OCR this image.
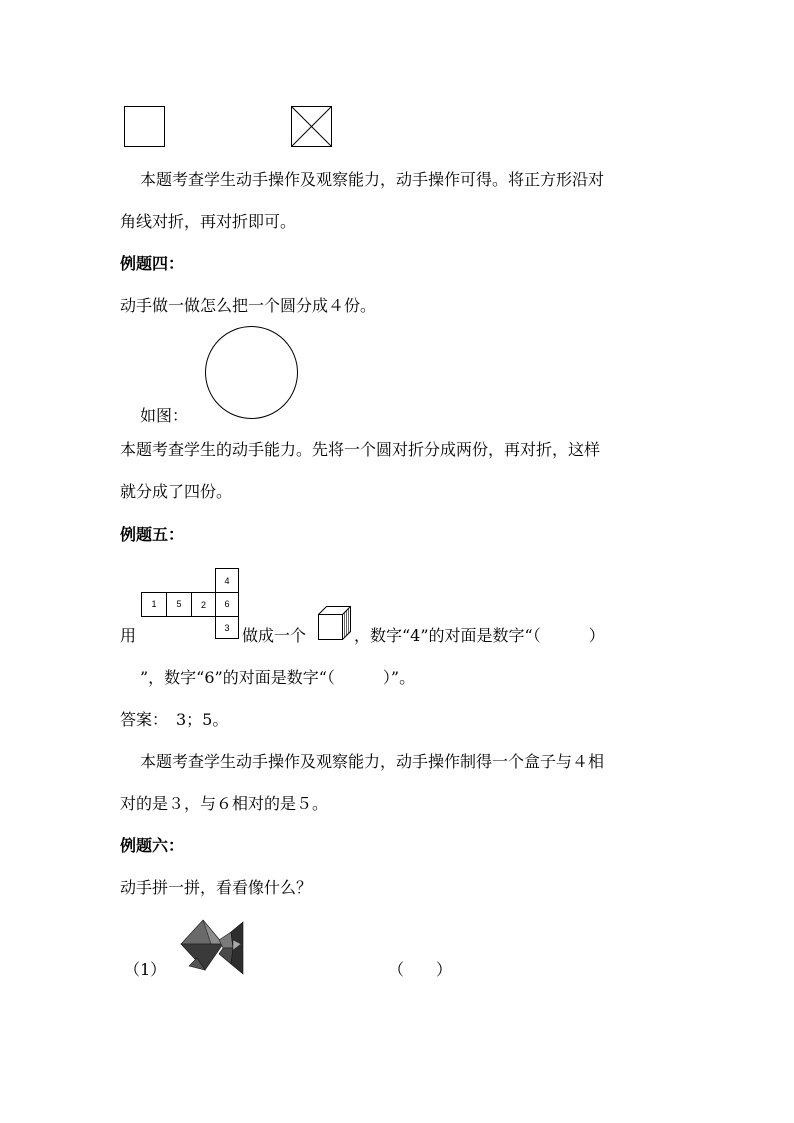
本题考查学生动手操作及观察能力，动手操作可得。将正方形沿对
角线对折，再对折即可。
例题四：
动手做一做怎么把一个圆分成４份。
如图：
本题考查学生的动手能力。先将一个圆对折分成两份，再对折，这样
就分成了四份。
例题五：
1	5	2	6
4
3
用	做成一个	，数字“4”的对面是数字“（　　　）
”，数字“6”的对面是数字“（　　　）”。
答案：　3；5。
本题考查学生动手操作及观察能力，动手操作制得一个盒子与４相
对的是３，与６相对的是５。
例题六：
动手拼一拼，看看像什么？
（1）	（　　）
